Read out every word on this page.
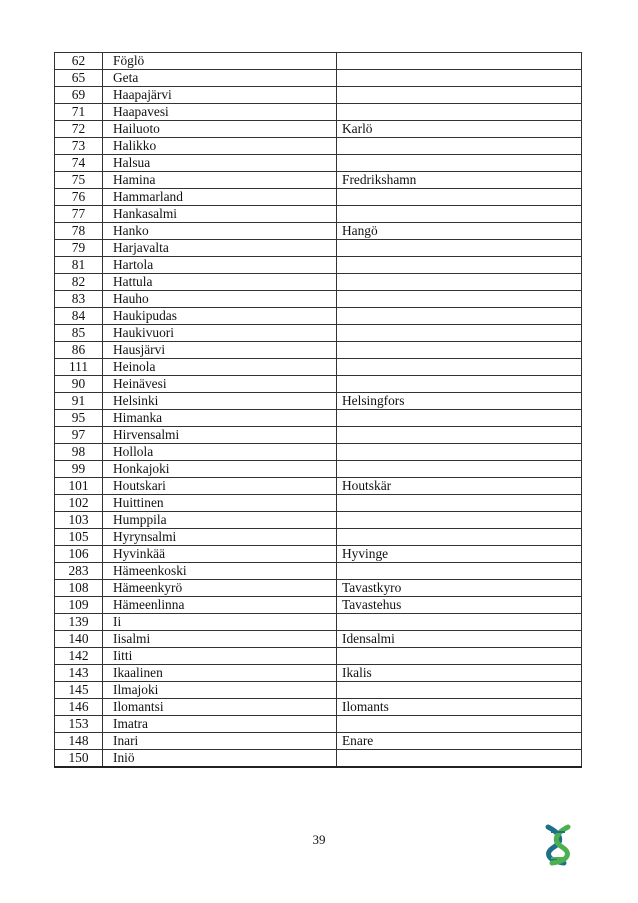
62	Föglö	
65	Geta	
69	Haapajärvi	
71	Haapavesi	
72	Hailuoto	Karlö
73	Halikko	
74	Halsua	
75	Hamina	Fredrikshamn
76	Hammarland	
77	Hankasalmi	
78	Hanko	Hangö
79	Harjavalta	
81	Hartola	
82	Hattula	
83	Hauho	
84	Haukipudas	
85	Haukivuori	
86	Hausjärvi	
111	Heinola	
90	Heinävesi	
91	Helsinki	Helsingfors
95	Himanka	
97	Hirvensalmi	
98	Hollola	
99	Honkajoki	
101	Houtskari	Houtskär
102	Huittinen	
103	Humppila	
105	Hyrynsalmi	
106	Hyvinkää	Hyvinge
283	Hämeenkoski	
108	Hämeenkyrö	Tavastkyro
109	Hämeenlinna	Tavastehus
139	Ii	
140	Iisalmi	Idensalmi
142	Iitti	
143	Ikaalinen	Ikalis
145	Ilmajoki	
146	Ilomantsi	Ilomants
153	Imatra	
148	Inari	Enare
150	Iniö	
39
